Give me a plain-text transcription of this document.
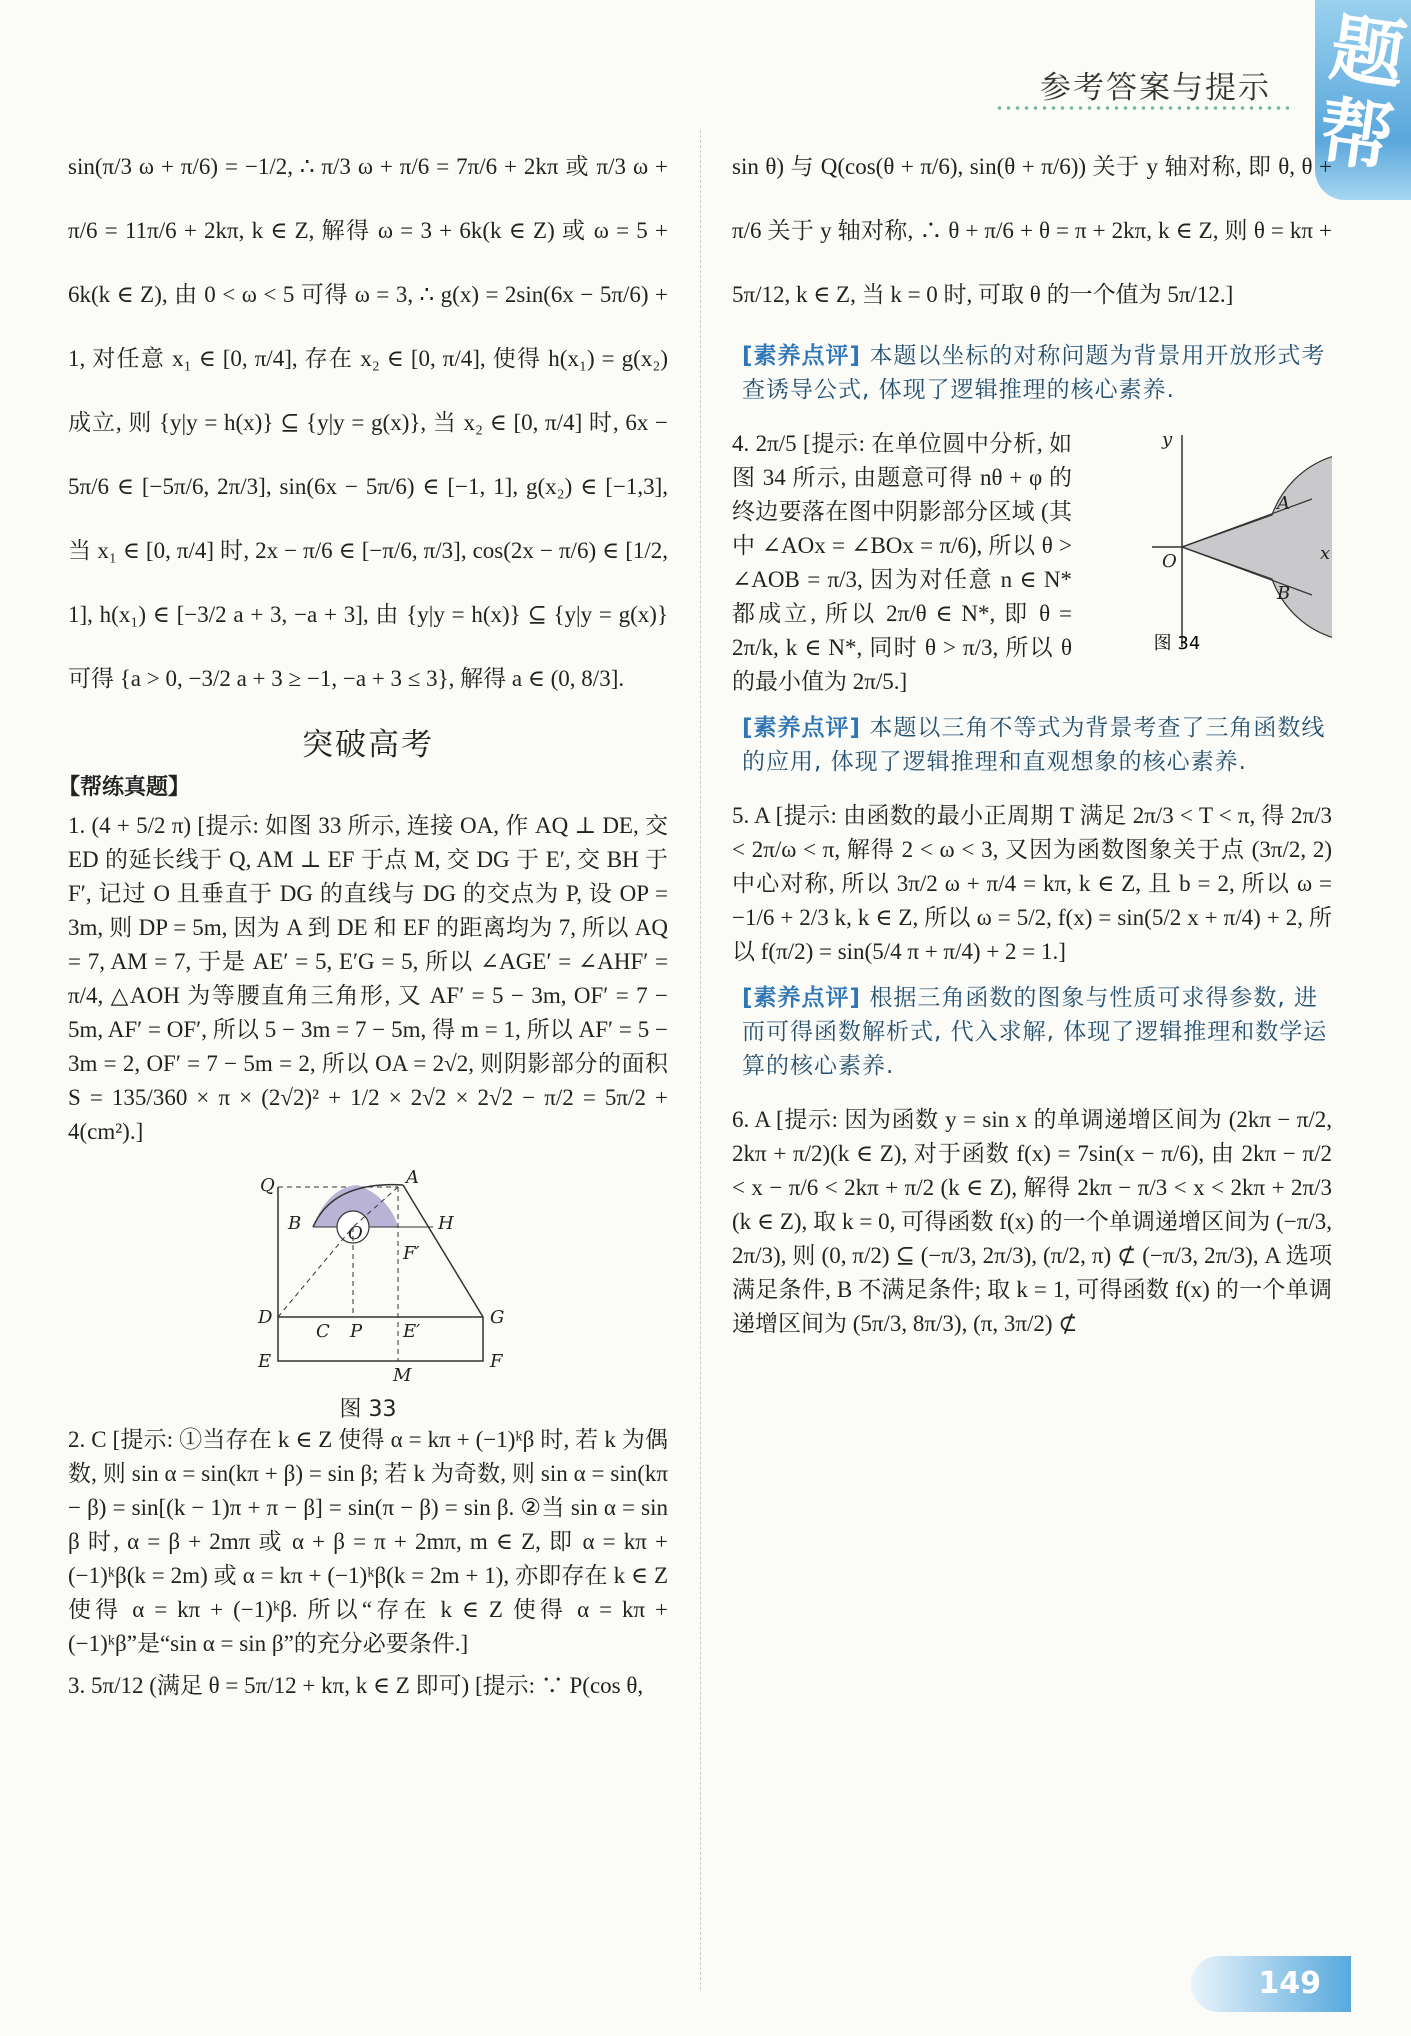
题帮
参考答案与提示

sin(π/3 ω + π/6) = −1/2, ∴ π/3 ω + π/6 = 7π/6 + 2kπ 或 π/3 ω + π/6 = 11π/6 + 2kπ, k ∈ Z, 解得 ω = 3 + 6k(k ∈ Z) 或 ω = 5 + 6k(k ∈ Z), 由 0 < ω < 5 可得 ω = 3, ∴ g(x) = 2sin(6x − 5π/6) + 1, 对任意 x₁ ∈ [0, π/4], 存在 x₂ ∈ [0, π/4], 使得 h(x₁) = g(x₂) 成立, 则 {y|y = h(x)} ⊆ {y|y = g(x)}, 当 x₂ ∈ [0, π/4] 时, 6x − 5π/6 ∈ [−5π/6, 2π/3], sin(6x − 5π/6) ∈ [−1, 1], g(x₂) ∈ [−1,3], 当 x₁ ∈ [0, π/4] 时, 2x − π/6 ∈ [−π/6, π/3], cos(2x − π/6) ∈ [1/2, 1], h(x₁) ∈ [−3/2 a + 3, −a + 3], 由 {y|y = h(x)} ⊆ {y|y = g(x)} 可得 {a > 0, −3/2 a + 3 ≥ −1, −a + 3 ≤ 3}, 解得 a ∈ (0, 8/3].

突破高考
【帮练真题】

1. (4 + 5/2 π) [提示: 如图 33 所示, 连接 OA, 作 AQ ⊥ DE, 交 ED 的延长线于 Q, AM ⊥ EF 于点 M, 交 DG 于 E′, 交 BH 于 F′, 记过 O 且垂直于 DG 的直线与 DG 的交点为 P, 设 OP = 3m, 则 DP = 5m, 因为 A 到 DE 和 EF 的距离均为 7, 所以 AQ = 7, AM = 7, 于是 AE′ = 5, E′G = 5, 所以 ∠AGE′ = ∠AHF′ = π/4, △AOH 为等腰直角三角形, 又 AF′ = 5 − 3m, OF′ = 7 − 5m, AF′ = OF′, 所以 5 − 3m = 7 − 5m, 得 m = 1, 所以 AF′ = 5 − 3m = 2, OF′ = 7 − 5m = 2, 所以 OA = 2√2, 则阴影部分的面积 S = 135/360 × π × (2√2)² + 1/2 × 2√2 × 2√2 − π/2 = 5π/2 + 4(cm²).]

Q	A
B	O	H
F′
D
C P E′
G
E
M
F
图 33

2. C [提示: ①当存在 k ∈ Z 使得 α = kπ + (−1)ᵏβ 时, 若 k 为偶数, 则 sin α = sin(kπ + β) = sin β; 若 k 为奇数, 则 sin α = sin(kπ − β) = sin[(k − 1)π + π − β] = sin(π − β) = sin β. ②当 sin α = sin β 时, α = β + 2mπ 或 α + β = π + 2mπ, m ∈ Z, 即 α = kπ + (−1)ᵏβ(k = 2m) 或 α = kπ + (−1)ᵏβ(k = 2m + 1), 亦即存在 k ∈ Z 使得 α = kπ + (−1)ᵏβ. 所以“存在 k ∈ Z 使得 α = kπ + (−1)ᵏβ”是“sin α = sin β”的充分必要条件.]

3. 5π/12 (满足 θ = 5π/12 + kπ, k ∈ Z 即可) [提示: ∵ P(cos θ,

sin θ) 与 Q(cos(θ + π/6), sin(θ + π/6)) 关于 y 轴对称, 即 θ, θ + π/6 关于 y 轴对称, ∴ θ + π/6 + θ = π + 2kπ, k ∈ Z, 则 θ = kπ + 5π/12, k ∈ Z, 当 k = 0 时, 可取 θ 的一个值为 5π/12.]

[素养点评] 本题以坐标的对称问题为背景用开放形式考查诱导公式, 体现了逻辑推理的核心素养.
y
A
O	x
B
图 34

4. 2π/5 [提示: 在单位圆中分析, 如图 34 所示, 由题意可得 nθ + φ 的终边要落在图中阴影部分区域 (其中 ∠AOx = ∠BOx = π/6), 所以 θ > ∠AOB = π/3, 因为对任意 n ∈ N* 都成立, 所以 2π/θ ∈ N*, 即 θ = 2π/k, k ∈ N*, 同时 θ > π/3, 所以 θ 的最小值为 2π/5.]

[素养点评] 本题以三角不等式为背景考查了三角函数线的应用, 体现了逻辑推理和直观想象的核心素养.

5. A [提示: 由函数的最小正周期 T 满足 2π/3 < T < π, 得 2π/3 < 2π/ω < π, 解得 2 < ω < 3, 又因为函数图象关于点 (3π/2, 2) 中心对称, 所以 3π/2 ω + π/4 = kπ, k ∈ Z, 且 b = 2, 所以 ω = −1/6 + 2/3 k, k ∈ Z, 所以 ω = 5/2, f(x) = sin(5/2 x + π/4) + 2, 所以 f(π/2) = sin(5/4 π + π/4) + 2 = 1.]

[素养点评] 根据三角函数的图象与性质可求得参数, 进而可得函数解析式, 代入求解, 体现了逻辑推理和数学运算的核心素养.

6. A [提示: 因为函数 y = sin x 的单调递增区间为 (2kπ − π/2, 2kπ + π/2)(k ∈ Z), 对于函数 f(x) = 7sin(x − π/6), 由 2kπ − π/2 < x − π/6 < 2kπ + π/2 (k ∈ Z), 解得 2kπ − π/3 < x < 2kπ + 2π/3 (k ∈ Z), 取 k = 0, 可得函数 f(x) 的一个单调递增区间为 (−π/3, 2π/3), 则 (0, π/2) ⊆ (−π/3, 2π/3), (π/2, π) ⊄ (−π/3, 2π/3), A 选项满足条件, B 不满足条件; 取 k = 1, 可得函数 f(x) 的一个单调递增区间为 (5π/3, 8π/3), (π, 3π/2) ⊄

149
